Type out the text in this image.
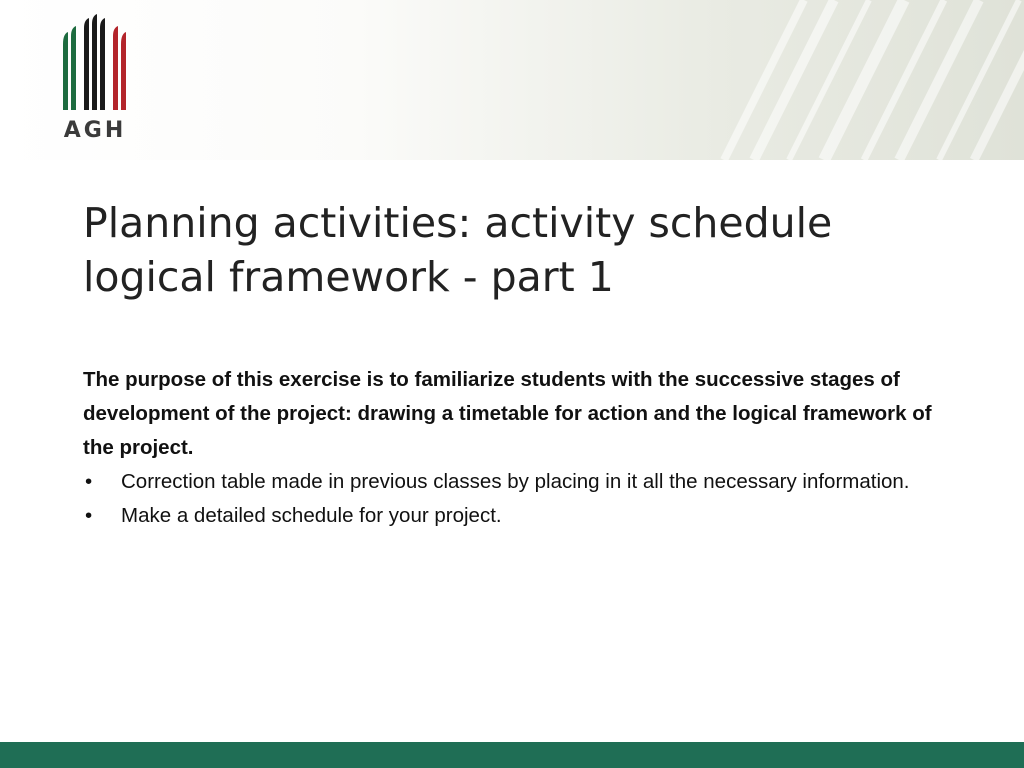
AGH
Planning activities: activity schedule
logical framework - part 1

The purpose of this exercise is to familiarize students with the successive stages of development of the project: drawing a timetable for action and the logical framework of the project.

• Correction table made in previous classes by placing in it all the necessary information.
• Make a detailed schedule for your project.
